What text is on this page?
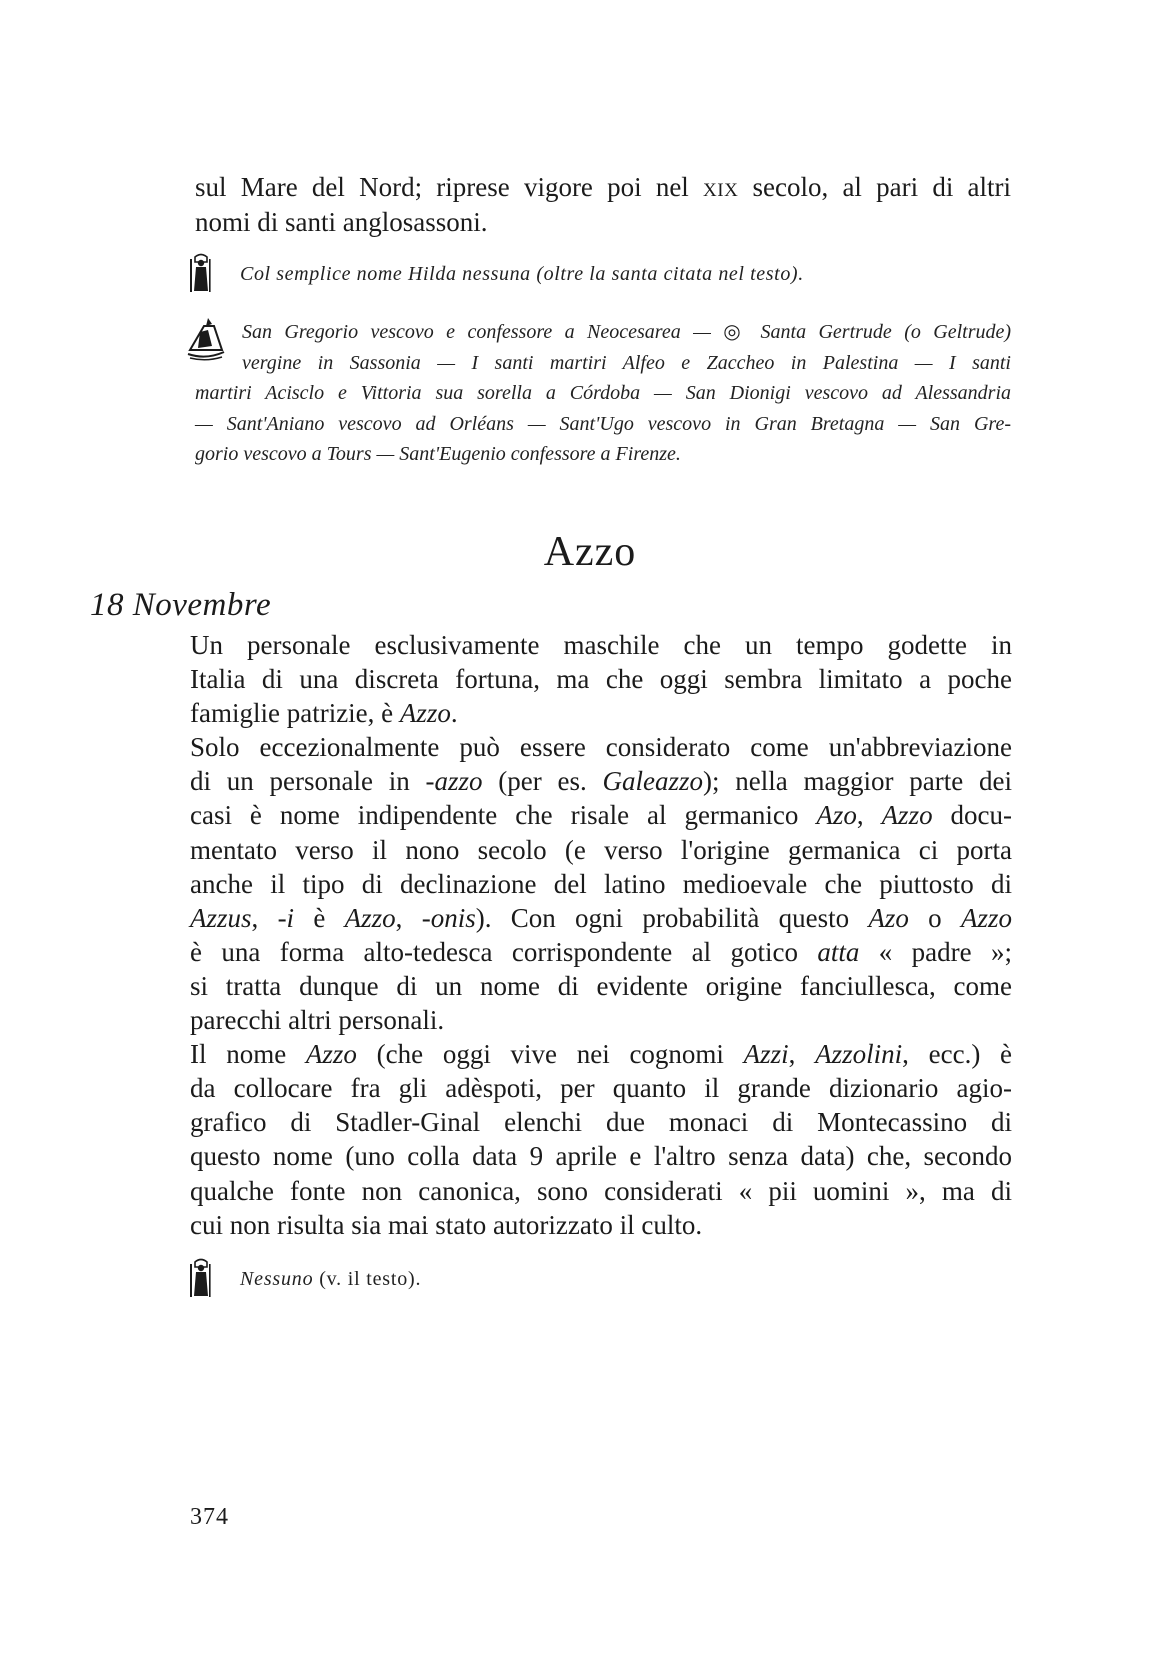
sul Mare del Nord; riprese vigore poi nel xix secolo, al pari di altri
nomi di santi anglosassoni.
Col semplice nome Hilda nessuna (oltre la santa citata nel testo).
San Gregorio vescovo e confessore a Neocesarea — ◎ Santa Gertrude (o Geltrude)
vergine in Sassonia — I santi martiri Alfeo e Zaccheo in Palestina — I santi
martiri Acisclo e Vittoria sua sorella a Córdoba — San Dionigi vescovo ad Alessandria
— Sant'Aniano vescovo ad Orléans — Sant'Ugo vescovo in Gran Bretagna — San Gre-
gorio vescovo a Tours — Sant'Eugenio confessore a Firenze.
Azzo
18 Novembre
Un personale esclusivamente maschile che un tempo godette in
Italia di una discreta fortuna, ma che oggi sembra limitato a poche
famiglie patrizie, è Azzo.
Solo eccezionalmente può essere considerato come un'abbreviazione
di un personale in -azzo (per es. Galeazzo); nella maggior parte dei
casi è nome indipendente che risale al germanico Azo, Azzo docu-
mentato verso il nono secolo (e verso l'origine germanica ci porta
anche il tipo di declinazione del latino medioevale che piuttosto di
Azzus, -i è Azzo, -onis). Con ogni probabilità questo Azo o Azzo
è una forma alto-tedesca corrispondente al gotico atta « padre »;
si tratta dunque di un nome di evidente origine fanciullesca, come
parecchi altri personali.
Il nome Azzo (che oggi vive nei cognomi Azzi, Azzolini, ecc.) è
da collocare fra gli adèspoti, per quanto il grande dizionario agio-
grafico di Stadler-Ginal elenchi due monaci di Montecassino di
questo nome (uno colla data 9 aprile e l'altro senza data) che, secondo
qualche fonte non canonica, sono considerati « pii uomini », ma di
cui non risulta sia mai stato autorizzato il culto.
Nessuno (v. il testo).
374
